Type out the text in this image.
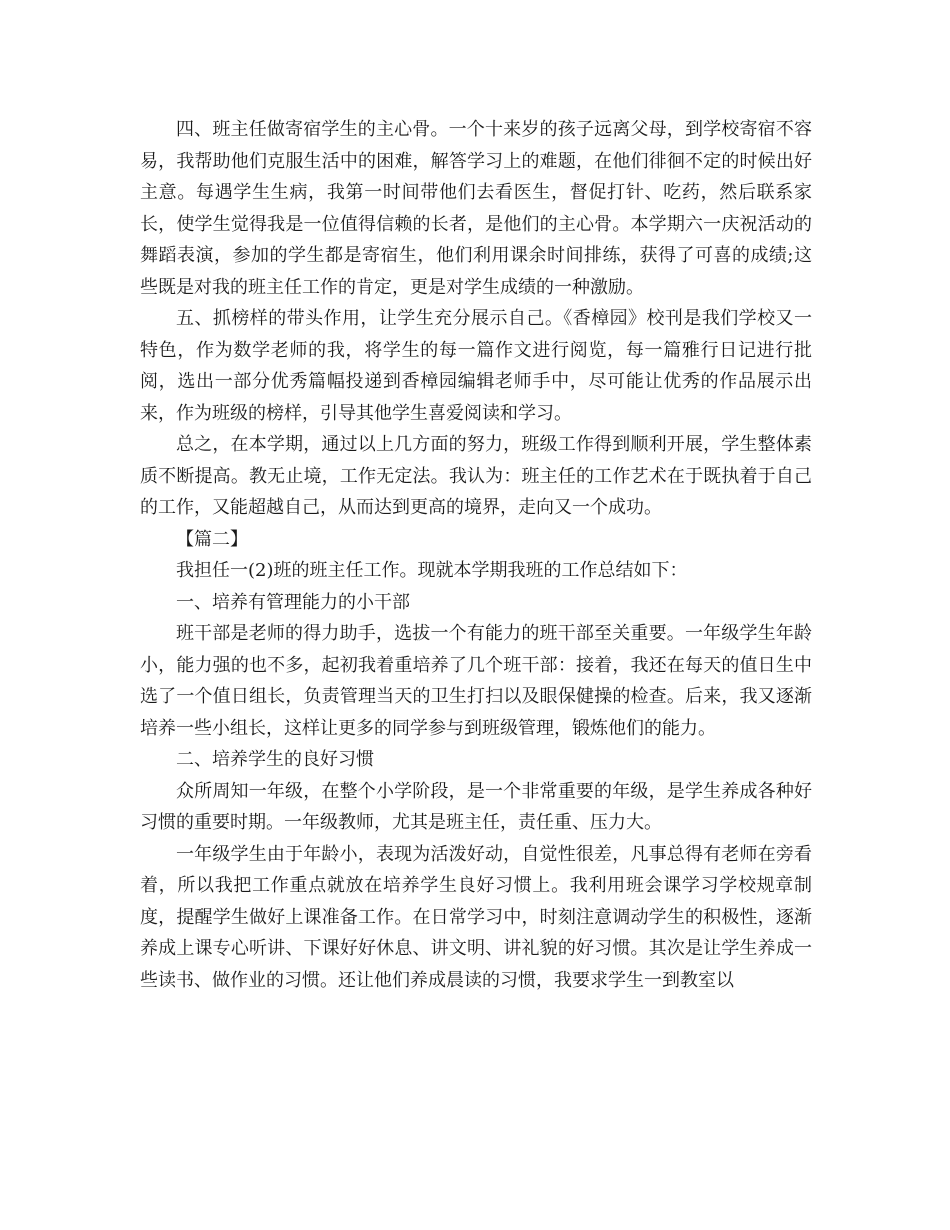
四、班主任做寄宿学生的主心骨。一个十来岁的孩子远离父母，到学校寄宿不容易，我帮助他们克服生活中的困难，解答学习上的难题，在他们徘徊不定的时候出好主意。每遇学生生病，我第一时间带他们去看医生，督促打针、吃药，然后联系家长，使学生觉得我是一位值得信赖的长者，是他们的主心骨。本学期六一庆祝活动的舞蹈表演，参加的学生都是寄宿生，他们利用课余时间排练，获得了可喜的成绩;这些既是对我的班主任工作的肯定，更是对学生成绩的一种激励。

五、抓榜样的带头作用，让学生充分展示自己。《香樟园》校刊是我们学校又一特色，作为数学老师的我，将学生的每一篇作文进行阅览，每一篇雅行日记进行批阅，选出一部分优秀篇幅投递到香樟园编辑老师手中，尽可能让优秀的作品展示出来，作为班级的榜样，引导其他学生喜爱阅读和学习。

总之，在本学期，通过以上几方面的努力，班级工作得到顺利开展，学生整体素质不断提高。教无止境，工作无定法。我认为：班主任的工作艺术在于既执着于自己的工作，又能超越自己，从而达到更高的境界，走向又一个成功。

【篇二】

我担任一(2)班的班主任工作。现就本学期我班的工作总结如下：

一、培养有管理能力的小干部

班干部是老师的得力助手，选拔一个有能力的班干部至关重要。一年级学生年龄小，能力强的也不多，起初我着重培养了几个班干部：接着，我还在每天的值日生中选了一个值日组长，负责管理当天的卫生打扫以及眼保健操的检查。后来，我又逐渐培养一些小组长，这样让更多的同学参与到班级管理，锻炼他们的能力。

二、培养学生的良好习惯

众所周知一年级，在整个小学阶段，是一个非常重要的年级，是学生养成各种好习惯的重要时期。一年级教师，尤其是班主任，责任重、压力大。

一年级学生由于年龄小，表现为活泼好动，自觉性很差，凡事总得有老师在旁看着，所以我把工作重点就放在培养学生良好习惯上。我利用班会课学习学校规章制度，提醒学生做好上课准备工作。在日常学习中，时刻注意调动学生的积极性，逐渐养成上课专心听讲、下课好好休息、讲文明、讲礼貌的好习惯。其次是让学生养成一些读书、做作业的习惯。还让他们养成晨读的习惯，我要求学生一到教室以
